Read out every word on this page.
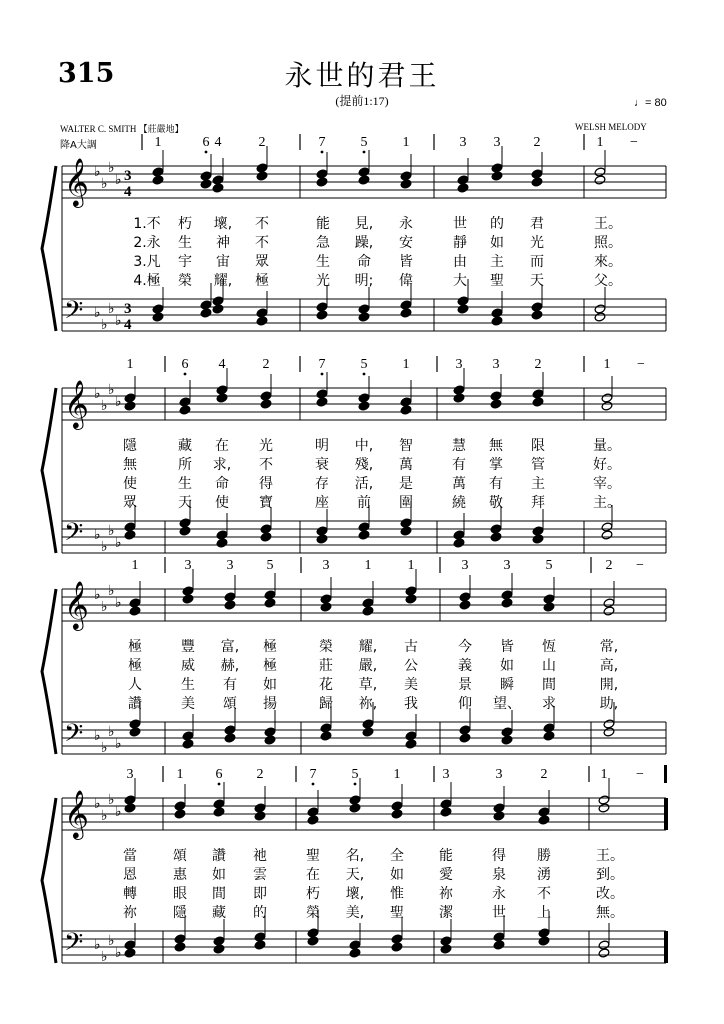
315	永世的君王
(提前1:17)	♩= 80
WALTER C. SMITH 【莊嚴地】
降A大調
WELSH MELODY
1	6 4	2	7	5	1	3 3 2	1 −
𝄞
𝄢
♭
♭
♭
♭
♭
♭
♭
♭
3
4
3
4
1.不 朽 壞, 不	能 見, 永	世 的 君	王。
2.永 生 神 不	急 躁, 安	靜 如 光	照。
3.凡 宇 宙 眾	生 命 皆	由 主 而	來。
4.極 榮 耀, 極	光 明; 偉	大 聖 天	父。
1	6 4	2	7	5	1	3 3	2	1 −
𝄞
𝄢
♭
♭
♭
♭
♭
♭
♭
♭
隱	藏 在 光	明 中, 智	慧 無 限	量。
無	所 求, 不	衰 殘, 萬	有 掌 管	好。
使	生 命 得	存 活, 是	萬 有 主	宰。
眾	天 使 寶	座 前 圍	繞 敬 拜	主。
1	3	3 5	3	1	1	3	3	5	2 −
𝄞
𝄢
♭
♭
♭
♭
♭
♭
♭
♭
極	豐 富, 極	榮 耀, 古	今 皆 恆	常,
極	威 赫, 極	莊 嚴, 公	義 如 山	高,
人	生 有 如	花 草, 美	景 瞬 間	開,
讚	美 頌 揚	歸 祢, 我	仰 望、 求	助,
3	1 6 2	7	5	1	3	3	2	1 −
𝄞
𝄢
♭
♭
♭
♭
♭
♭
♭
♭
當	頌 讚 祂	聖 名, 全	能	得 勝	王。
恩	惠 如 雲	在 天, 如	愛	泉 湧	到。
轉	眼 間 即	朽 壞, 惟	祢	永 不	改。
祢	隱 藏 的	榮 美, 聖	潔	世 上	無。
